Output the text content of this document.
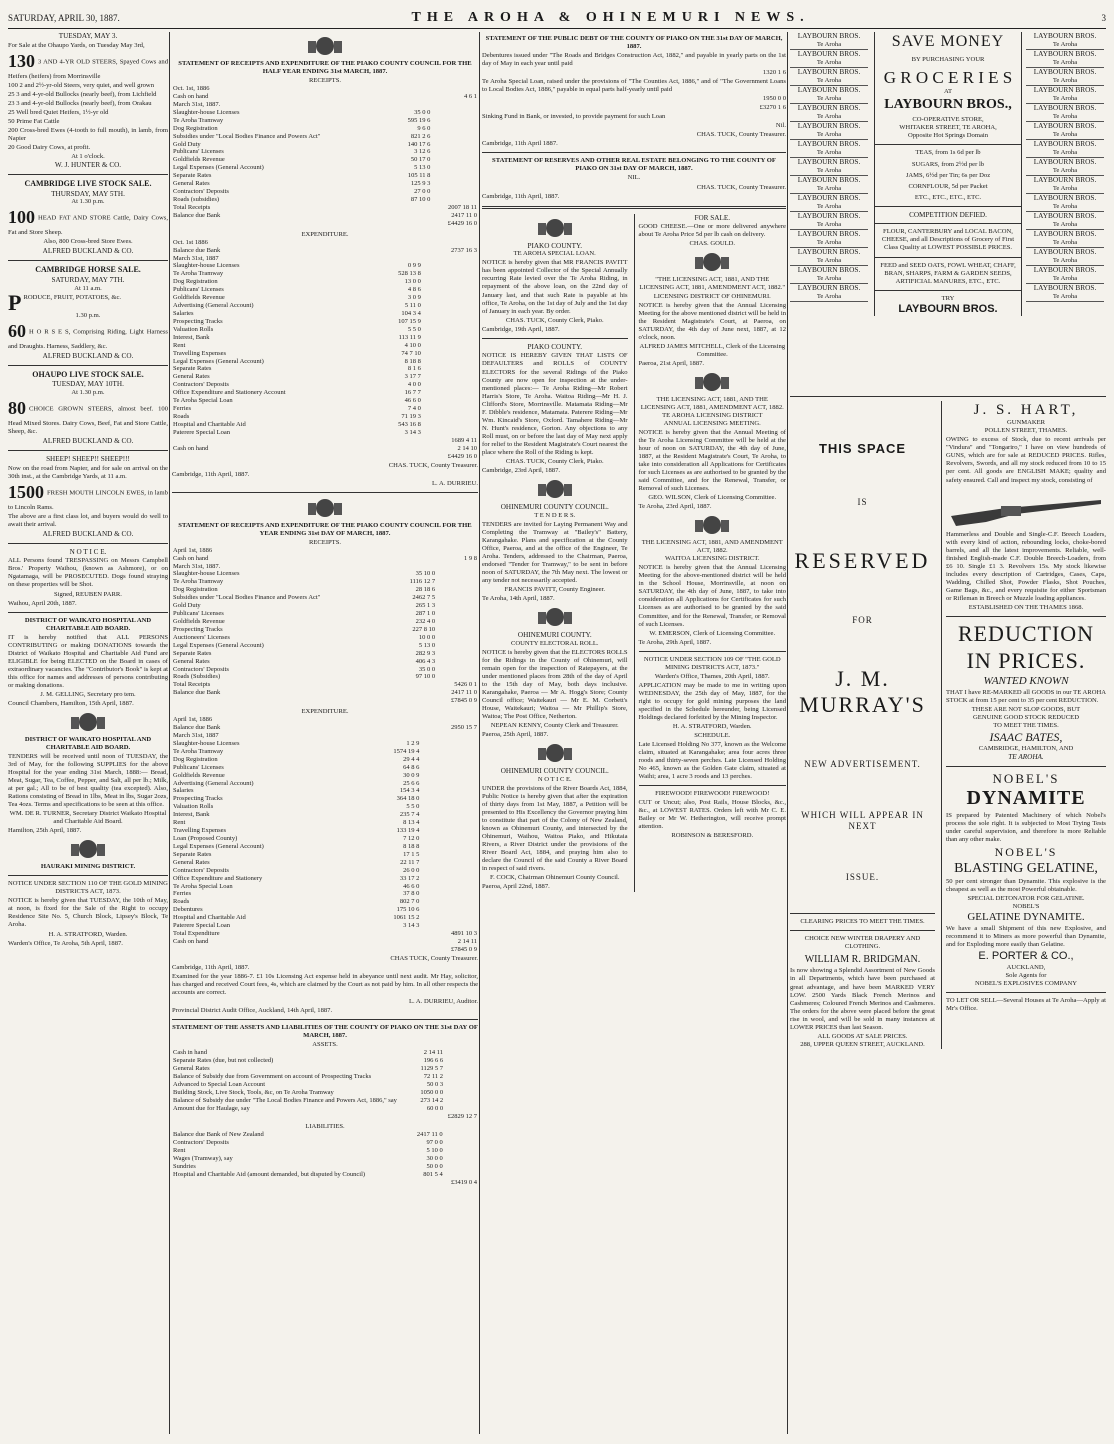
SATURDAY, APRIL 30, 1887.	THE AROHA & OHINEMURI NEWS.	3
TUESDAY, MAY 3.

For Sale at the Ohaupo Yards, on Tuesday May 3rd,

130 3 AND 4-YR OLD STEERS, Spayed Cows and Heifers (heifers) from Morrinsville

100 2 and 2½-yr-old Steers, very quiet, and well grown

25 3 and 4-yr-old Bullocks (nearly beef), from Lichfield

23 3 and 4-yr-old Bullocks (nearly beef), from Orakau

25 Well bred Quiet Heifers, 1½-yr old

50 Prime Fat Cattle

200 Cross-bred Ewes (4-tooth to full mouth), in lamb, from Napier

20 Good Dairy Cows, at profit.

At 1 o'clock.
W. J. HUNTER & CO.
CAMBRIDGE LIVE STOCK SALE.
THURSDAY, MAY 5TH.
At 1.30 p.m.

100 HEAD FAT AND STORE Cattle, Dairy Cows, Fat and Store Sheep.

Also, 800 Cross-bred Store Ewes.

ALFRED BUCKLAND & CO.
CAMBRIDGE HORSE SALE.
SATURDAY, MAY 7TH.
At 11 a.m.

PRODUCE, FRUIT, POTATOES, &c.

1.30 p.m.

60 H O R S E S, Comprising Riding, Light Harness and Draughts. Harness, Saddlery, &c.

ALFRED BUCKLAND & CO.
OHAUPO LIVE STOCK SALE.
TUESDAY, MAY 10TH.
At 1.30 p.m.

80 CHOICE GROWN STEERS, almost beef. 100 Head Mixed Stores. Dairy Cows, Beef, Fat and Store Cattle, Sheep, &c.

ALFRED BUCKLAND & CO.
SHEEP! SHEEP!! SHEEP!!!

Now on the road from Napier, and for sale on arrival on the 30th inst., at the Cambridge Yards, at 11 a.m.

1500 FRESH MOUTH LINCOLN EWES, in lamb to Lincoln Rams.

The above are a first class lot, and buyers would do well to await their arrival.

ALFRED BUCKLAND & CO.
N O T I C E.

ALL Persons found TRESPASSING on Messrs Campbell Bros.' Property Waihou, (known as Ashmore), or on Ngatamaga, will be PROSECUTED. Dogs found straying on these properties will be Shot.

Signed, REUBEN PARR.

Waihou, April 20th, 1887.

DISTRICT OF WAIKATO HOSPITAL AND CHARITABLE AID BOARD.

IT is hereby notified that ALL PERSONS CONTRIBUTING or making DONATIONS towards the District of Waikato Hospital and Charitable Aid Fund are ELIGIBLE for being ELECTED on the Board in cases of extraordinary vacancies. The "Contributor's Book" is kept at this office for names and addresses of persons contributing or making donations.

J. M. GELLING, Secretary pro tem.

Council Chambers, Hamilton, 15th April, 1887.

DISTRICT OF WAIKATO HOSPITAL AND CHARITABLE AID BOARD.

TENDERS will be received until noon of TUESDAY, the 3rd of May, for the following SUPPLIES for the above Hospital for the year ending 31st March, 1888:— Bread, Meat, Sugar, Tea, Coffee, Pepper, and Salt, all per lb.; Milk, at per gal.; All to be of best quality (tea excepted). Also, Rations consisting of Bread in 1lbs, Meat in lbs, Sugar 2ozs, Tea 4ozs. Terms and specifications to be seen at this office.

WM. DE R. TURNER, Secretary District Waikato Hospital and Charitable Aid Board.

Hamilton, 25th April, 1887.

HAURAKI MINING DISTRICT.
NOTICE UNDER SECTION 110 OF THE GOLD MINING DISTRICTS ACT, 1873.

NOTICE is hereby given that TUESDAY, the 10th of May, at noon, is fixed for the Sale of the Right to occupy Residence Site No. 5, Church Block, Lipsey's Block, Te Aroha.

H. A. STRATFORD, Warden.

Warden's Office, Te Aroha, 5th April, 1887.

STATEMENT OF RECEIPTS AND EXPENDITURE OF THE PIAKO COUNTY COUNCIL FOR THE HALF YEAR ENDING 31st MARCH, 1887.
RECEIPTS.
Oct. 1st, 1886		
Cash on hand		4 6 1
March 31st, 1887.		
Slaughter-house Licenses	35 0 0	
Te Aroha Tramway	595 19 6	
Dog Registration	9 6 0	
Subsidies under "Local Bodies Finance and Powers Act"	821 2 6	
Gold Duty	140 17 6	
Publicans' Licenses	3 12 6	
Goldfields Revenue	50 17 0	
Legal Expenses (General Account)	5 13 0	
Separate Rates	105 11 8	
General Rates	125 9 3	
Contractors' Deposits	27 0 0	
Roads (subsidies)	87 10 0	
Total Receipts		2007 18 11
Balance due Bank		2417 11 0
		£4429 16 0
EXPENDITURE.
Oct. 1st 1886		
Balance due Bank		2737 16 3
March 31st, 1887		
Slaughter-house Licenses	0 9 9	
Te Aroha Tramway	528 13 8	
Dog Registration	13 0 0	
Publicans' Licenses	4 8 6	
Goldfields Revenue	3 0 9	
Advertising (General Account)	5 11 0	
Salaries	104 3 4	
Prospecting Tracks	107 15 9	
Valuation Rolls	5 5 0	
Interest, Bank	113 11 9	
Rent	4 10 0	
Travelling Expenses	74 7 10	
Legal Expenses (General Account)	8 18 8	
Separate Rates	8 1 6	
General Rates	3 17 7	
Contractors' Deposits	4 0 0	
Office Expenditure and Stationery Account	16 7 7	
Te Aroha Special Loan	46 6 0	
Ferries	7 4 0	
Roads	71 19 3	
Hospital and Charitable Aid	543 16 8	
Paterere Special Loan	3 14 3	
		1689 4 11
Cash on hand		2 14 10
		£4429 16 0

CHAS. TUCK, County Treasurer.

Cambridge, 11th April, 1887.

L. A. DURRIEU.

STATEMENT OF RECEIPTS AND EXPENDITURE OF THE PIAKO COUNTY COUNCIL FOR THE YEAR ENDING 31st DAY OF MARCH, 1887.
RECEIPTS.
April 1st, 1886		
Cash on hand		1 9 8
March 31st, 1887.		
Slaughter-house Licenses	35 10 0	
Te Aroha Tramway	1116 12 7	
Dog Registration	28 18 6	
Subsidies under "Local Bodies Finance and Powers Act"	2462 7 5	
Gold Duty	265 1 3	
Publicans' Licenses	287 1 0	
Goldfields Revenue	232 4 0	
Prospecting Tracks	227 8 10	
Auctioneers' Licenses	10 0 0	
Legal Expenses (General Account)	5 13 0	
Separate Rates	282 9 3	
General Rates	406 4 3	
Contractors' Deposits	35 0 0	
Roads (Subsidies)	97 10 0	
Total Receipts		5426 0 1
Balance due Bank		2417 11 0
		£7845 0 9
EXPENDITURE.
April 1st, 1886		
Balance due Bank		2950 15 7
March 31st, 1887		
Slaughter-house Licenses	1 2 9	
Te Aroha Tramway	1574 19 4	
Dog Registration	29 4 4	
Publicans' Licenses	64 8 6	
Goldfields Revenue	30 0 9	
Advertising (General Account)	25 6 6	
Salaries	154 3 4	
Prospecting Tracks	364 18 0	
Valuation Rolls	5 5 0	
Interest, Bank	235 7 4	
Rent	8 13 4	
Travelling Expenses	133 19 4	
Loan (Proposed County)	7 12 0	
Legal Expenses (General Account)	8 18 8	
Separate Rates	17 1 5	
General Rates	22 11 7	
Contractors' Deposits	26 0 0	
Office Expenditure and Stationery	33 17 2	
Te Aroha Special Loan	46 6 0	
Ferries	37 8 0	
Roads	802 7 0	
Debentures	175 10 6	
Hospital and Charitable Aid	1061 15 2	
Paterere Special Loan	3 14 3	
Total Expenditure		4891 10 3
Cash on hand		2 14 11
		£7845 0 9

CHAS TUCK, County Treasurer.

Cambridge, 11th April, 1887.

Examined for the year 1886-7. £1 10s Licensing Act expense held in abeyance until next audit. Mr Hay, solicitor, has charged and received Court fees, 4s, which are claimed by the Court as not paid by him. In all other respects the accounts are correct.

L. A. DURRIEU, Auditor.

Provincial District Audit Office, Auckland, 14th April, 1887.

STATEMENT OF THE ASSETS AND LIABILITIES OF THE COUNTY OF PIAKO ON THE 31st DAY OF MARCH, 1887.
ASSETS.
Cash in hand	2 14 11	
Separate Rates (due, but not collected)	196 6 6	
General Rates	1129 5 7	
Balance of Subsidy due from Government on account of Prospecting Tracks	72 11 2	
Advanced to Special Loan Account	50 0 3	
Building Stock, Live Stock, Tools, &c, on Te Aroha Tramway	1050 0 0	
Balance of Subsidy due under "The Local Bodies Finance and Powers Act, 1886," say	273 14 2	
Amount due for Haulage, say	60 0 0	
		£2829 12 7
LIABILITIES.
Balance due Bank of New Zealand	2417 11 0	
Contractors' Deposits	97 0 0	
Rent	5 10 0	
Wages (Tramway), say	30 0 0	
Sundries	50 0 0	
Hospital and Charitable Aid (amount demanded, but disputed by Council)	801 5 4	
		£3419 0 4
STATEMENT OF THE PUBLIC DEBT OF THE COUNTY OF PIAKO ON THE 31st DAY OF MARCH, 1887.

Debentures issued under "The Roads and Bridges Construction Act, 1882," and payable in yearly parts on the 1st day of May in each year until paid

1320 1 6

Te Aroha Special Loan, raised under the provisions of "The Counties Act, 1886," and of "The Government Loans to Local Bodies Act, 1886," payable in equal parts half-yearly until paid

1950 0 0

£3270 1 6

Sinking Fund in Bank, or invested, to provide payment for such Loan

Nil.

CHAS. TUCK, County Treasurer.

Cambridge, 11th April 1887.

STATEMENT OF RESERVES AND OTHER REAL ESTATE BELONGING TO THE COUNTY OF PIAKO ON 31st DAY OF MARCH, 1887.
NIL.

CHAS. TUCK, County Treasurer.

Cambridge, 11th April, 1887.

PIAKO COUNTY.
TE AROHA SPECIAL LOAN.

NOTICE is hereby given that MR FRANCIS PAVITT has been appointed Collector of the Special Annually recurring Rate levied over the Te Aroha Riding, in repayment of the above loan, on the 22nd day of January last, and that such Rate is payable at his office, Te Aroha, on the 1st day of July and the 1st day of January in each year. By order.

CHAS. TUCK, County Clerk, Piako.

Cambridge, 19th April, 1887.

PIAKO COUNTY.

NOTICE IS HEREBY GIVEN THAT LISTS OF DEFAULTERS and ROLLS of COUNTY ELECTORS for the several Ridings of the Piako County are now open for inspection at the under-mentioned places:— Te Aroha Riding—Mr Robert Harris's Store, Te Aroha. Waitoa Riding—Mr H. J. Clifford's Store, Morrinsville. Matamata Riding—Mr F. Dibble's residence, Matamata. Paterere Riding—Mr Wm. Kincaid's Store, Oxford. Tamahere Riding—Mr N. Hunt's residence, Gorton. Any objections to any Roll must, on or before the last day of May next apply for relief to the Resident Magistrate's Court nearest the place where the Roll of the Riding is kept.

CHAS. TUCK, County Clerk, Piako.

Cambridge, 23rd April, 1887.

OHINEMURI COUNTY COUNCIL.
T E N D E R S.

TENDERS are invited for Laying Permanent Way and Completing the Tramway at "Bailey's" Battery, Karangahake. Plans and specification at the County Office, Paeroa, and at the office of the Engineer, Te Aroha. Tenders, addressed to the Chairman, Paeroa, endorsed "Tender for Tramway," to be sent in before noon of SATURDAY, the 7th May next. The lowest or any tender not necessarily accepted.

FRANCIS PAVITT, County Engineer.

Te Aroha, 14th April, 1887.

OHINEMURI COUNTY.
COUNTY ELECTORAL ROLL.

NOTICE is hereby given that the ELECTORS ROLLS for the Ridings in the County of Ohinemuri, will remain open for the inspection of Ratepayers, at the under mentioned places from 28th of the day of April to the 15th day of May, both days inclusive. Karangahake, Paeroa — Mr A. Hogg's Store; County Council office; Waitekauri — Mr E. M. Corbett's House, Waitekauri; Waitoa — Mr Phillip's Store, Waitoa; The Post Office, Netherton.

NEPEAN KENNY, County Clerk and Treasurer.

Paeroa, 25th April, 1887.

OHINEMURI COUNTY COUNCIL.
N O T I C E.

UNDER the provisions of the River Boards Act, 1884, Public Notice is hereby given that after the expiration of thirty days from 1st May, 1887, a Petition will be presented to His Excellency the Governor praying him to constitute that part of the Colony of New Zealand, known as Ohinemuri County, and intersected by the Ohinemuri, Waihou, Waitoa Piako, and Hikutaia Rivers, a River District under the provisions of the River Board Act, 1884, and praying him also to declare the Council of the said County a River Board in respect of said rivers.

F. COCK, Chairman Ohinemuri County Council.

Paeroa, April 22nd, 1887.

FOR SALE.

GOOD CHEESE.—One or more delivered anywhere about Te Aroha Price 5d per lb cash on delivery.

CHAS. GOULD.

"THE LICENSING ACT, 1881, AND THE LICENSING ACT, 1881, AMENDMENT ACT, 1882."
LICENSING DISTRICT OF OHINEMURI.

NOTICE is hereby given that the Annual Licensing Meeting for the above mentioned district will be held in the Resident Magistrate's Court, at Paeroa, on SATURDAY, the 4th day of June next, 1887, at 12 o'clock, noon.

ALFRED JAMES MITCHELL, Clerk of the Licensing Committee.

Paeroa, 21st April, 1887.

THE LICENSING ACT, 1881, AND THE LICENSING ACT, 1881, AMENDMENT ACT, 1882.
TE AROHA LICENSING DISTRICT
ANNUAL LICENSING MEETING.

NOTICE is hereby given that the Annual Meeting of the Te Aroha Licensing Committee will be held at the hour of noon on SATURDAY, the 4th day of June, 1887, at the Resident Magistrate's Court, Te Aroha, to take into consideration all Applications for Certificates for such Licenses as are authorised to be granted by the said Committee, and for the Renewal, Transfer, or Removal of such Licenses.

GEO. WILSON, Clerk of Licensing Committee.

Te Aroha, 23rd April, 1887.

THE LICENSING ACT, 1881, AND AMENDMENT ACT, 1882.
WAITOA LICENSING DISTRICT.

NOTICE is hereby given that the Annual Licensing Meeting for the above-mentioned district will be held in the School House, Morrinsville, at noon on SATURDAY, the 4th day of June, 1887, to take into consideration all Applications for Certificates for such Licenses as are authorised to be granted by the said Committee, and for the Renewal, Transfer, or Removal of such Licenses.

W. EMERSON, Clerk of Licensing Committee.

Te Aroha, 29th April, 1887.

NOTICE UNDER SECTION 109 OF "THE GOLD MINING DISTRICTS ACT, 1873."

Warden's Office, Thames, 20th April, 1887.

APPLICATION may be made to me in writing upon WEDNESDAY, the 25th day of May, 1887, for the right to occupy for gold mining purposes the land specified in the Schedule hereunder, being Licensed Holdings declared forfeited by the Mining Inspector.

H. A. STRATFORD, Warden.

SCHEDULE.

Late Licensed Holding No 377, known as the Welcome claim, situated at Karangahake; area four acres three roods and thirty-seven perches. Late Licensed Holding No 465, known as the Golden Gate claim, situated at Waihi; area, 1 acre 3 roods and 13 perches.

FIREWOOD! FIREWOOD! FIREWOOD!

CUT or Uncut; also, Post Rails, House Blocks, &c., &c., at LOWEST RATES. Orders left with Mr C. E. Bailey or Mr W. Hetherington, will receive prompt attention.

ROBINSON & BERESFORD.

LAYBOURN BROS.
Te Aroha
LAYBOURN BROS.
Te Aroha
LAYBOURN BROS.
Te Aroha
LAYBOURN BROS.
Te Aroha
LAYBOURN BROS.
Te Aroha
LAYBOURN BROS.
Te Aroha
LAYBOURN BROS.
Te Aroha
LAYBOURN BROS.
Te Aroha
LAYBOURN BROS.
Te Aroha
LAYBOURN BROS.
Te Aroha
LAYBOURN BROS.
Te Aroha
LAYBOURN BROS.
Te Aroha
LAYBOURN BROS.
Te Aroha
LAYBOURN BROS.
Te Aroha
LAYBOURN BROS.
Te Aroha
SAVE MONEY
BY PURCHASING YOUR
G R O C E R I E S
AT
LAYBOURN BROS.,
CO-OPERATIVE STORE,
WHITAKER STREET, TE AROHA,
Opposite Hot Springs Domain
TEAS, from 1s 6d per lb
SUGARS, from 2½d per lb
JAMS, 6½d per Tin; 6s per Doz
CORNFLOUR, 5d per Packet
ETC., ETC., ETC., ETC.
COMPETITION DEFIED.
FLOUR, CANTERBURY and LOCAL BACON, CHEESE, and all Descriptions of Grocery of First Class Quality at LOWEST POSSIBLE PRICES.
FEED and SEED OATS, FOWL WHEAT, CHAFF, BRAN, SHARPS, FARM & GARDEN SEEDS, ARTIFICIAL MANURES, ETC., ETC.
TRY
LAYBOURN BROS.
LAYBOURN BROS.
Te Aroha
LAYBOURN BROS.
Te Aroha
LAYBOURN BROS.
Te Aroha
LAYBOURN BROS.
Te Aroha
LAYBOURN BROS.
Te Aroha
LAYBOURN BROS.
Te Aroha
LAYBOURN BROS.
Te Aroha
LAYBOURN BROS.
Te Aroha
LAYBOURN BROS.
Te Aroha
LAYBOURN BROS.
Te Aroha
LAYBOURN BROS.
Te Aroha
LAYBOURN BROS.
Te Aroha
LAYBOURN BROS.
Te Aroha
LAYBOURN BROS.
Te Aroha
LAYBOURN BROS.
Te Aroha
THIS SPACE
IS
RESERVED
FOR
J. M. MURRAY'S
NEW ADVERTISEMENT.
WHICH WILL APPEAR IN NEXT
ISSUE.
CLEARING PRICES TO MEET THE TIMES.
CHOICE NEW WINTER DRAPERY AND CLOTHING.
WILLIAM R. BRIDGMAN.

Is now showing a Splendid Assortment of New Goods in all Departments, which have been purchased at great advantage, and have been MARKED VERY LOW. 2500 Yards Black French Merinos and Cashmeres; Coloured French Merinos and Cashmeres. The orders for the above were placed before the great rise in wool, and will be sold in many instances at LOWER PRICES than last Season.

ALL GOODS AT SALE PRICES.
288, UPPER QUEEN STREET, AUCKLAND.
J. S. HART,
GUNMAKER
POLLEN STREET, THAMES.

OWING to excess of Stock, due to recent arrivals per "Vindura" and "Tongariro," I have on view hundreds of GUNS, which are for sale at REDUCED PRICES. Rifles, Revolvers, Swords, and all my stock reduced from 10 to 15 per cent. All goods are ENGLISH MAKE; quality and safety ensured. Call and inspect my stock, consisting of

Hammerless and Double and Single-C.F. Breech Loaders, with every kind of action, rebounding locks, choke-bored barrels, and all the latest improvements. Reliable, well-finished English-made C.F. Double Breech-Loaders, from £6 10. Single £1 3. Revolvers 15s. My stock likewise includes every description of Cartridges, Cases, Caps, Wadding, Chilled Shot, Powder Flasks, Shot Pouches, Game Bags, &c., and every requisite for either Sportsman or Rifleman in Breech or Muzzle loading appliances.

ESTABLISHED ON THE THAMES 1868.
REDUCTION IN PRICES.
WANTED KNOWN

THAT I have RE-MARKED all GOODS in our TE AROHA STOCK at from 15 per cent to 35 per cent REDUCTION.

THESE ARE NOT SLOP GOODS, BUT
GENUINE GOOD STOCK REDUCED
TO MEET THE TIMES.
ISAAC BATES,
CAMBRIDGE, HAMILTON, AND
TE AROHA.
NOBEL'S
DYNAMITE

IS prepared by Patented Machinery of which Nobel's process the sole right. It is subjected to Most Trying Tests under careful supervision, and therefore is more Reliable than any other make.

NOBEL'S
BLASTING GELATINE,

50 per cent stronger than Dynamite. This explosive is the cheapest as well as the most Powerful obtainable.

SPECIAL DETONATOR FOR GELATINE.
NOBEL'S
GELATINE DYNAMITE.

We have a small Shipment of this new Explosive, and recommend it to Miners as more powerful than Dynamite, and for Exploding more easily than Gelatine.

E. PORTER & CO.,
AUCKLAND,
Sole Agents for
NOBEL'S EXPLOSIVES COMPANY

TO LET OR SELL—Several Houses at Te Aroha—Apply at Mr's Office.
